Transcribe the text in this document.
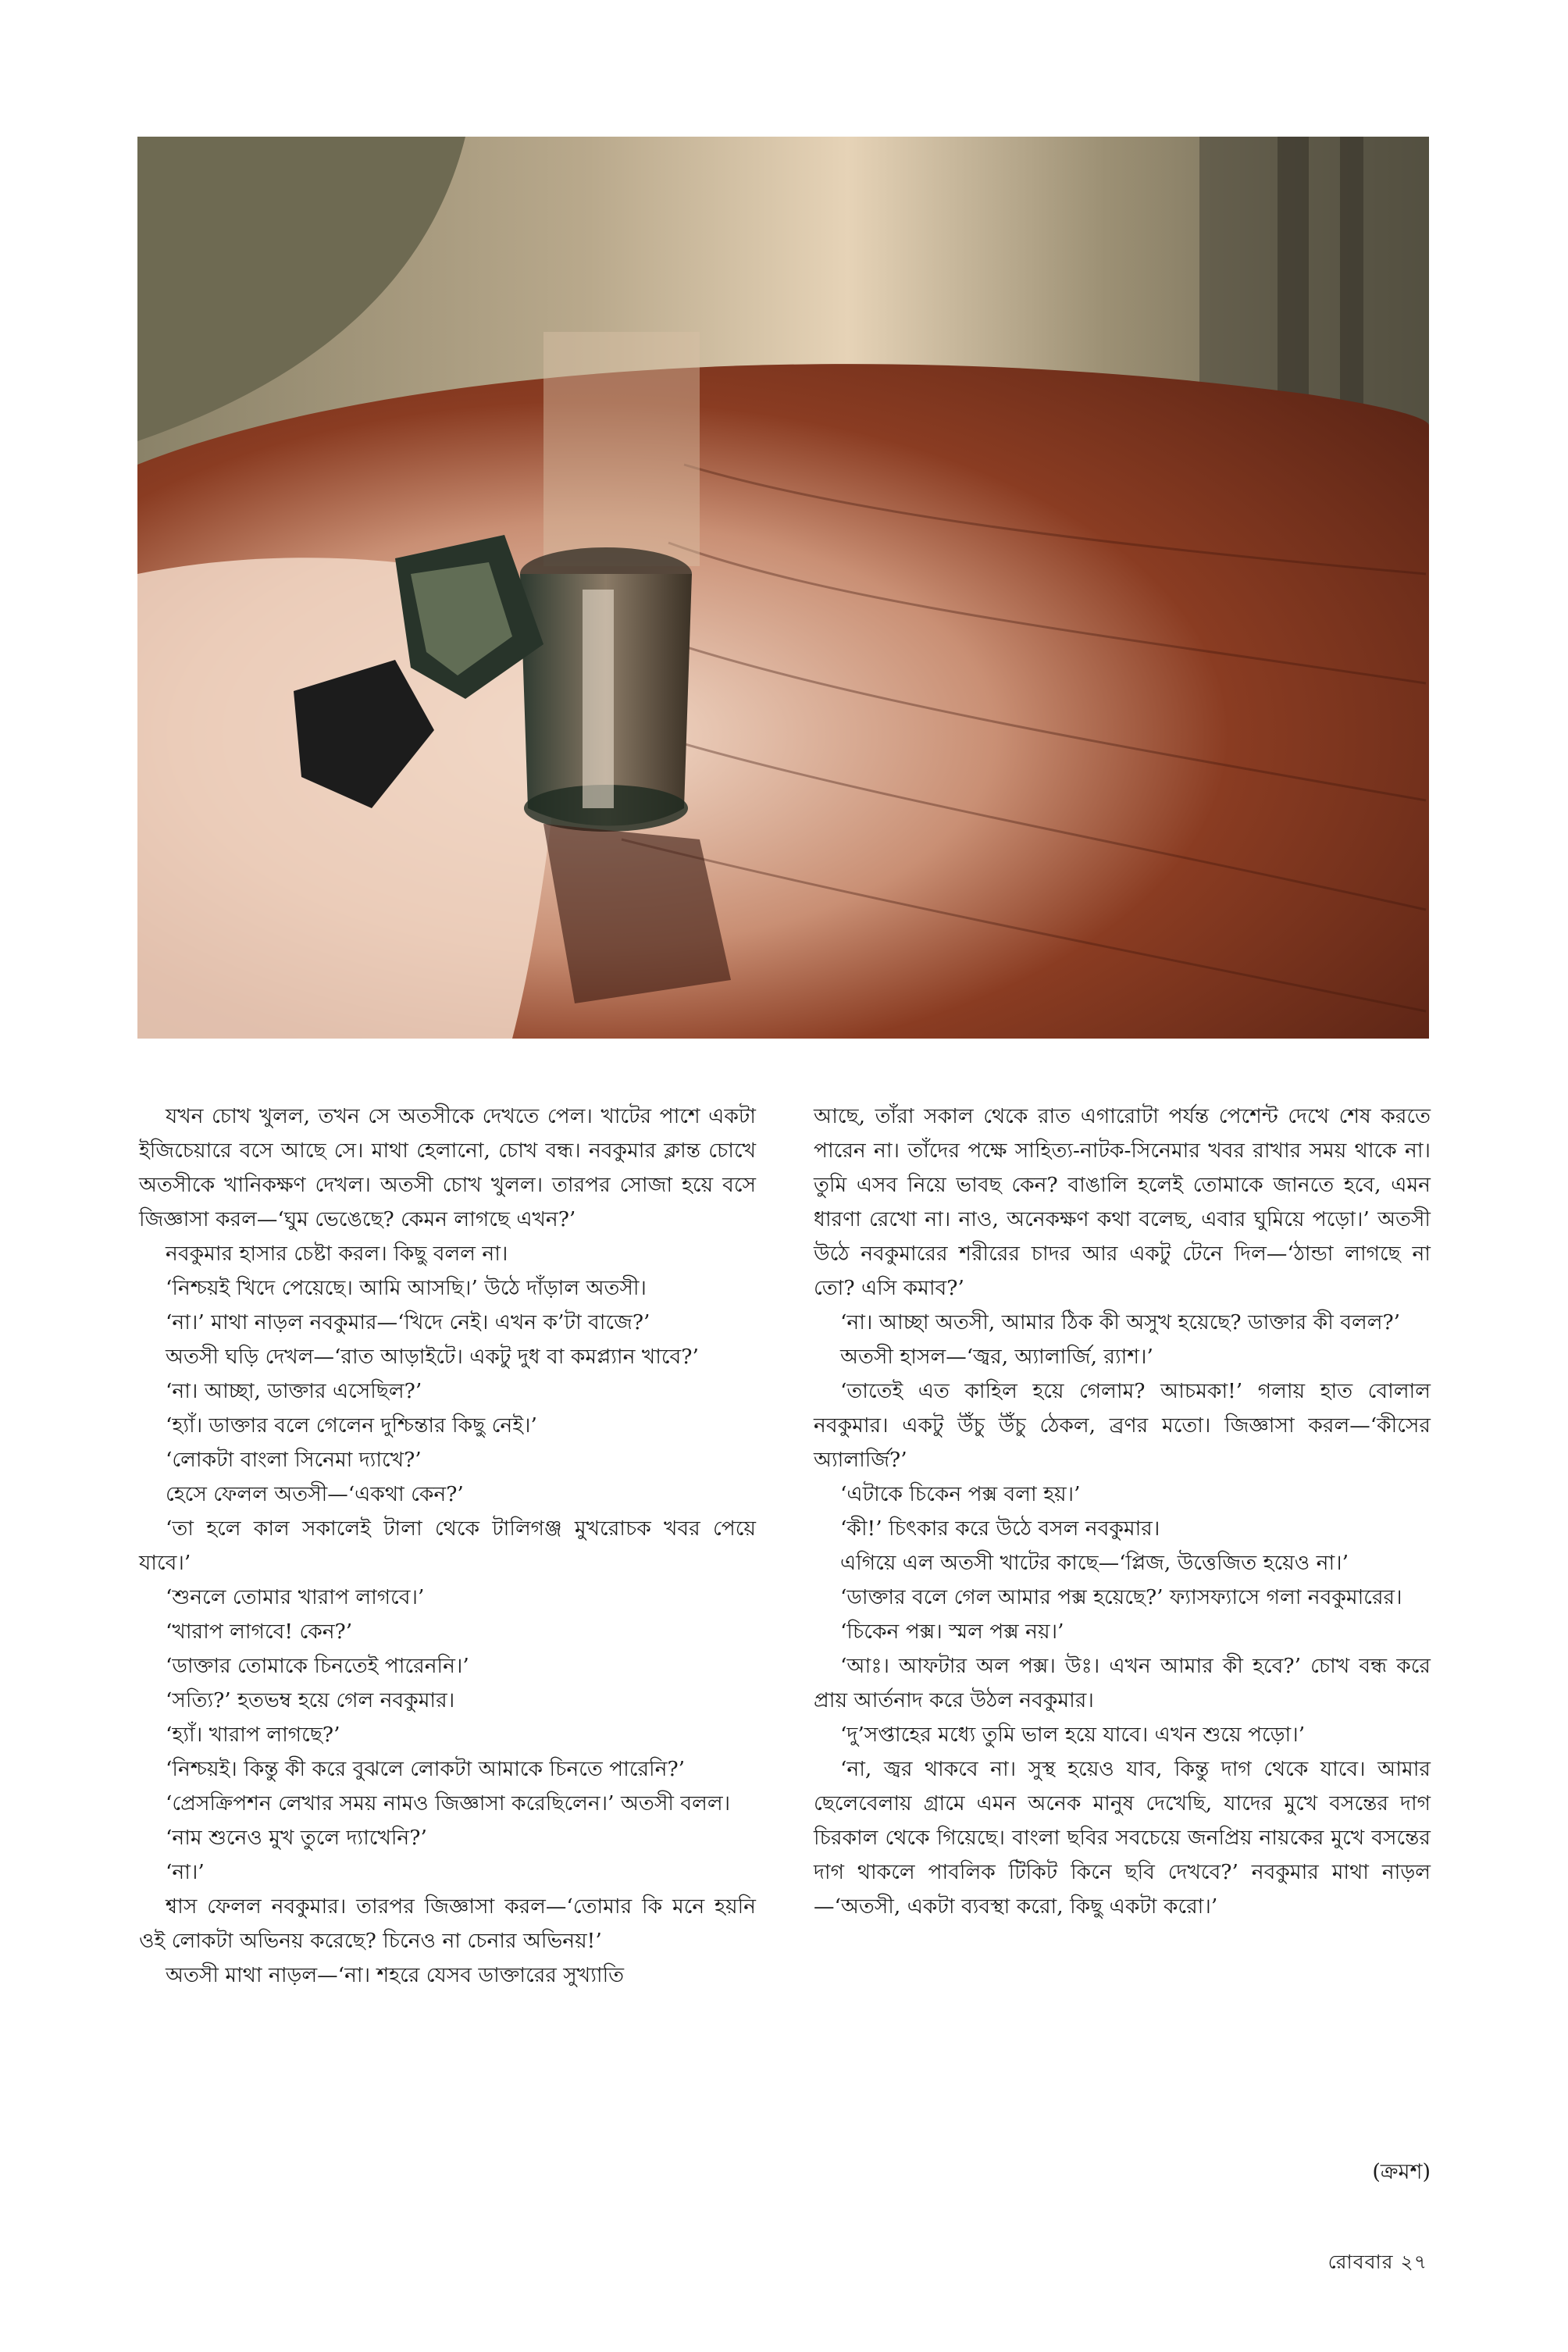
যখন চোখ খুলল, তখন সে অতসীকে দেখতে পেল। খাটের পাশে একটা ইজিচেয়ারে বসে আছে সে। মাথা হেলানো, চোখ বন্ধ। নবকুমার ক্লান্ত চোখে অতসীকে খানিকক্ষণ দেখল। অতসী চোখ খুলল। তারপর সোজা হয়ে বসে জিজ্ঞাসা করল—‘ঘুম ভেঙেছে? কেমন লাগছে এখন?’

নবকুমার হাসার চেষ্টা করল। কিছু বলল না।

‘নিশ্চয়ই খিদে পেয়েছে। আমি আসছি।’ উঠে দাঁড়াল অতসী।

‘না।’ মাথা নাড়ল নবকুমার—‘খিদে নেই। এখন ক’টা বাজে?’

অতসী ঘড়ি দেখল—‘রাত আড়াইটে। একটু দুধ বা কমপ্ল্যান খাবে?’

‘না। আচ্ছা, ডাক্তার এসেছিল?’

‘হ্যাঁ। ডাক্তার বলে গেলেন দুশ্চিন্তার কিছু নেই।’

‘লোকটা বাংলা সিনেমা দ্যাখে?’

হেসে ফেলল অতসী—‘একথা কেন?’

‘তা হলে কাল সকালেই টালা থেকে টালিগঞ্জ মুখরোচক খবর পেয়ে যাবে।’

‘শুনলে তোমার খারাপ লাগবে।’

‘খারাপ লাগবে! কেন?’

‘ডাক্তার তোমাকে চিনতেই পারেননি।’

‘সত্যি?’ হতভম্ব হয়ে গেল নবকুমার।

‘হ্যাঁ। খারাপ লাগছে?’

‘নিশ্চয়ই। কিন্তু কী করে বুঝলে লোকটা আমাকে চিনতে পারেনি?’

‘প্রেসক্রিপশন লেখার সময় নামও জিজ্ঞাসা করেছিলেন।’ অতসী বলল।

‘নাম শুনেও মুখ তুলে দ্যাখেনি?’

‘না।’

শ্বাস ফেলল নবকুমার। তারপর জিজ্ঞাসা করল—‘তোমার কি মনে হয়নি ওই লোকটা অভিনয় করেছে? চিনেও না চেনার অভিনয়!’

অতসী মাথা নাড়ল—‘না। শহরে যেসব ডাক্তারের সুখ্যাতি

আছে, তাঁরা সকাল থেকে রাত এগারোটা পর্যন্ত পেশেন্ট দেখে শেষ করতে পারেন না। তাঁদের পক্ষে সাহিত্য-নাটক-সিনেমার খবর রাখার সময় থাকে না। তুমি এসব নিয়ে ভাবছ কেন? বাঙালি হলেই তোমাকে জানতে হবে, এমন ধারণা রেখো না। নাও, অনেকক্ষণ কথা বলেছ, এবার ঘুমিয়ে পড়ো।’ অতসী উঠে নবকুমারের শরীরের চাদর আর একটু টেনে দিল—‘ঠান্ডা লাগছে না তো? এসি কমাব?’

‘না। আচ্ছা অতসী, আমার ঠিক কী অসুখ হয়েছে? ডাক্তার কী বলল?’

অতসী হাসল—‘জ্বর, অ্যালার্জি, র‍্যাশ।’

‘তাতেই এত কাহিল হয়ে গেলাম? আচমকা!’ গলায় হাত বোলাল নবকুমার। একটু উঁচু উঁচু ঠেকল, ব্রণর মতো। জিজ্ঞাসা করল—‘কীসের অ্যালার্জি?’

‘এটাকে চিকেন পক্স বলা হয়।’

‘কী!’ চিৎকার করে উঠে বসল নবকুমার।

এগিয়ে এল অতসী খাটের কাছে—‘প্লিজ, উত্তেজিত হয়েও না।’

‘ডাক্তার বলে গেল আমার পক্স হয়েছে?’ ফ্যাসফ্যাসে গলা নবকুমারের।

‘চিকেন পক্স। স্মল পক্স নয়।’

‘আঃ। আফটার অল পক্স। উঃ। এখন আমার কী হবে?’ চোখ বন্ধ করে প্রায় আর্তনাদ করে উঠল নবকুমার।

‘দু’সপ্তাহের মধ্যে তুমি ভাল হয়ে যাবে। এখন শুয়ে পড়ো।’

‘না, জ্বর থাকবে না। সুস্থ হয়েও যাব, কিন্তু দাগ থেকে যাবে। আমার ছেলেবেলায় গ্রামে এমন অনেক মানুষ দেখেছি, যাদের মুখে বসন্তের দাগ চিরকাল থেকে গিয়েছে। বাংলা ছবির সবচেয়ে জনপ্রিয় নায়কের মুখে বসন্তের দাগ থাকলে পাবলিক টিকিট কিনে ছবি দেখবে?’ নবকুমার মাথা নাড়ল—‘অতসী, একটা ব্যবস্থা করো, কিছু একটা করো।’

(ক্রমশ)
রোববার ২৭
